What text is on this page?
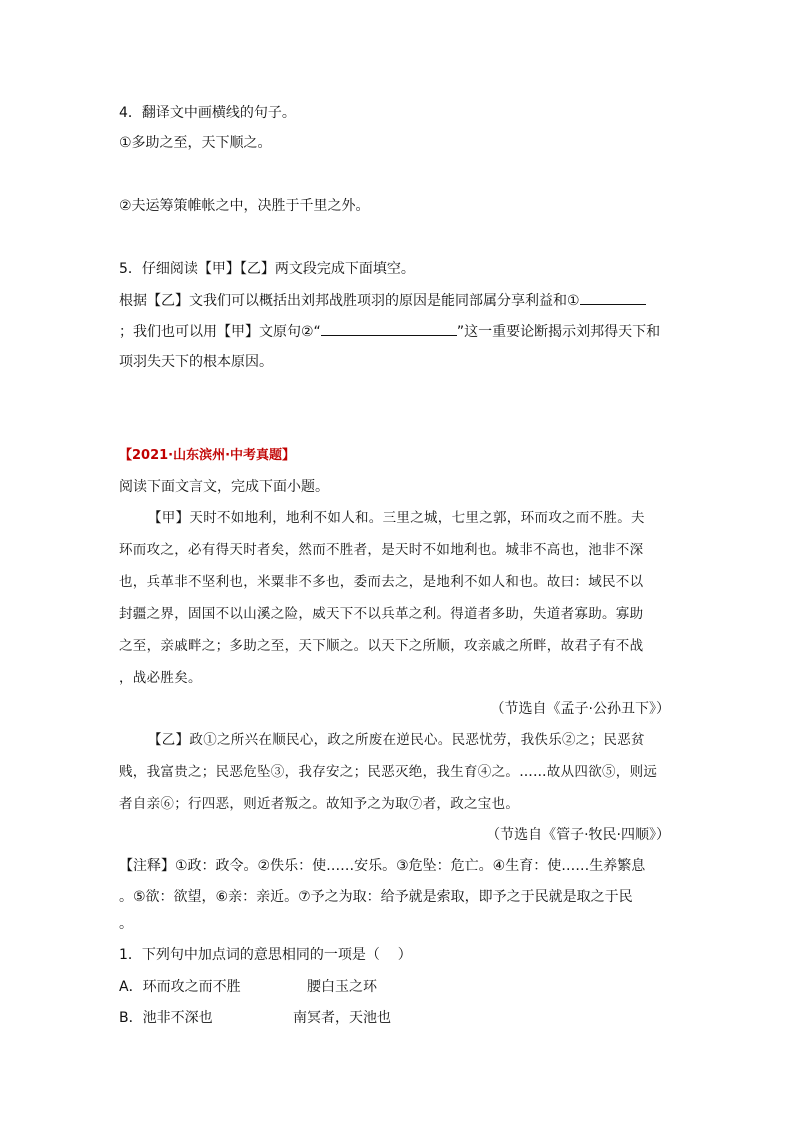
4．翻译文中画横线的句子。
①多助之至，天下顺之。
②夫运筹策帷帐之中，决胜于千里之外。
5．仔细阅读【甲】【乙】两文段完成下面填空。
根据【乙】文我们可以概括出刘邦战胜项羽的原因是能同部属分享利益和①
；我们也可以用【甲】文原句②“	”这一重要论断揭示刘邦得天下和
项羽失天下的根本原因。
【2021·山东滨州·中考真题】
阅读下面文言文，完成下面小题。
【甲】天时不如地利，地利不如人和。三里之城，七里之郭，环而攻之而不胜。夫
环而攻之，必有得天时者矣，然而不胜者，是天时不如地利也。城非不高也，池非不深
也，兵革非不坚利也，米粟非不多也，委而去之，是地利不如人和也。故曰：域民不以
封疆之界，固国不以山溪之险，威天下不以兵革之利。得道者多助，失道者寡助。寡助
之至，亲戚畔之；多助之至，天下顺之。以天下之所顺，攻亲戚之所畔，故君子有不战
，战必胜矣。
（节选自《孟子·公孙丑下》）
【乙】政①之所兴在顺民心，政之所废在逆民心。民恶忧劳，我佚乐②之；民恶贫
贱，我富贵之；民恶危坠③，我存安之；民恶灭绝，我生育④之。……故从四欲⑤，则远
者自亲⑥；行四恶，则近者叛之。故知予之为取⑦者，政之宝也。
（节选自《管子·牧民·四顺》）
【注释】①政：政令。②佚乐：使……安乐。③危坠：危亡。④生育：使……生养繁息
。⑤欲：欲望，⑥亲：亲近。⑦予之为取：给予就是索取，即予之于民就是取之于民
。
1．下列句中加点词的意思相同的一项是（    ）
A．环而攻之而不胜	腰白玉之环
B．池非不深也	南冥者，天池也
